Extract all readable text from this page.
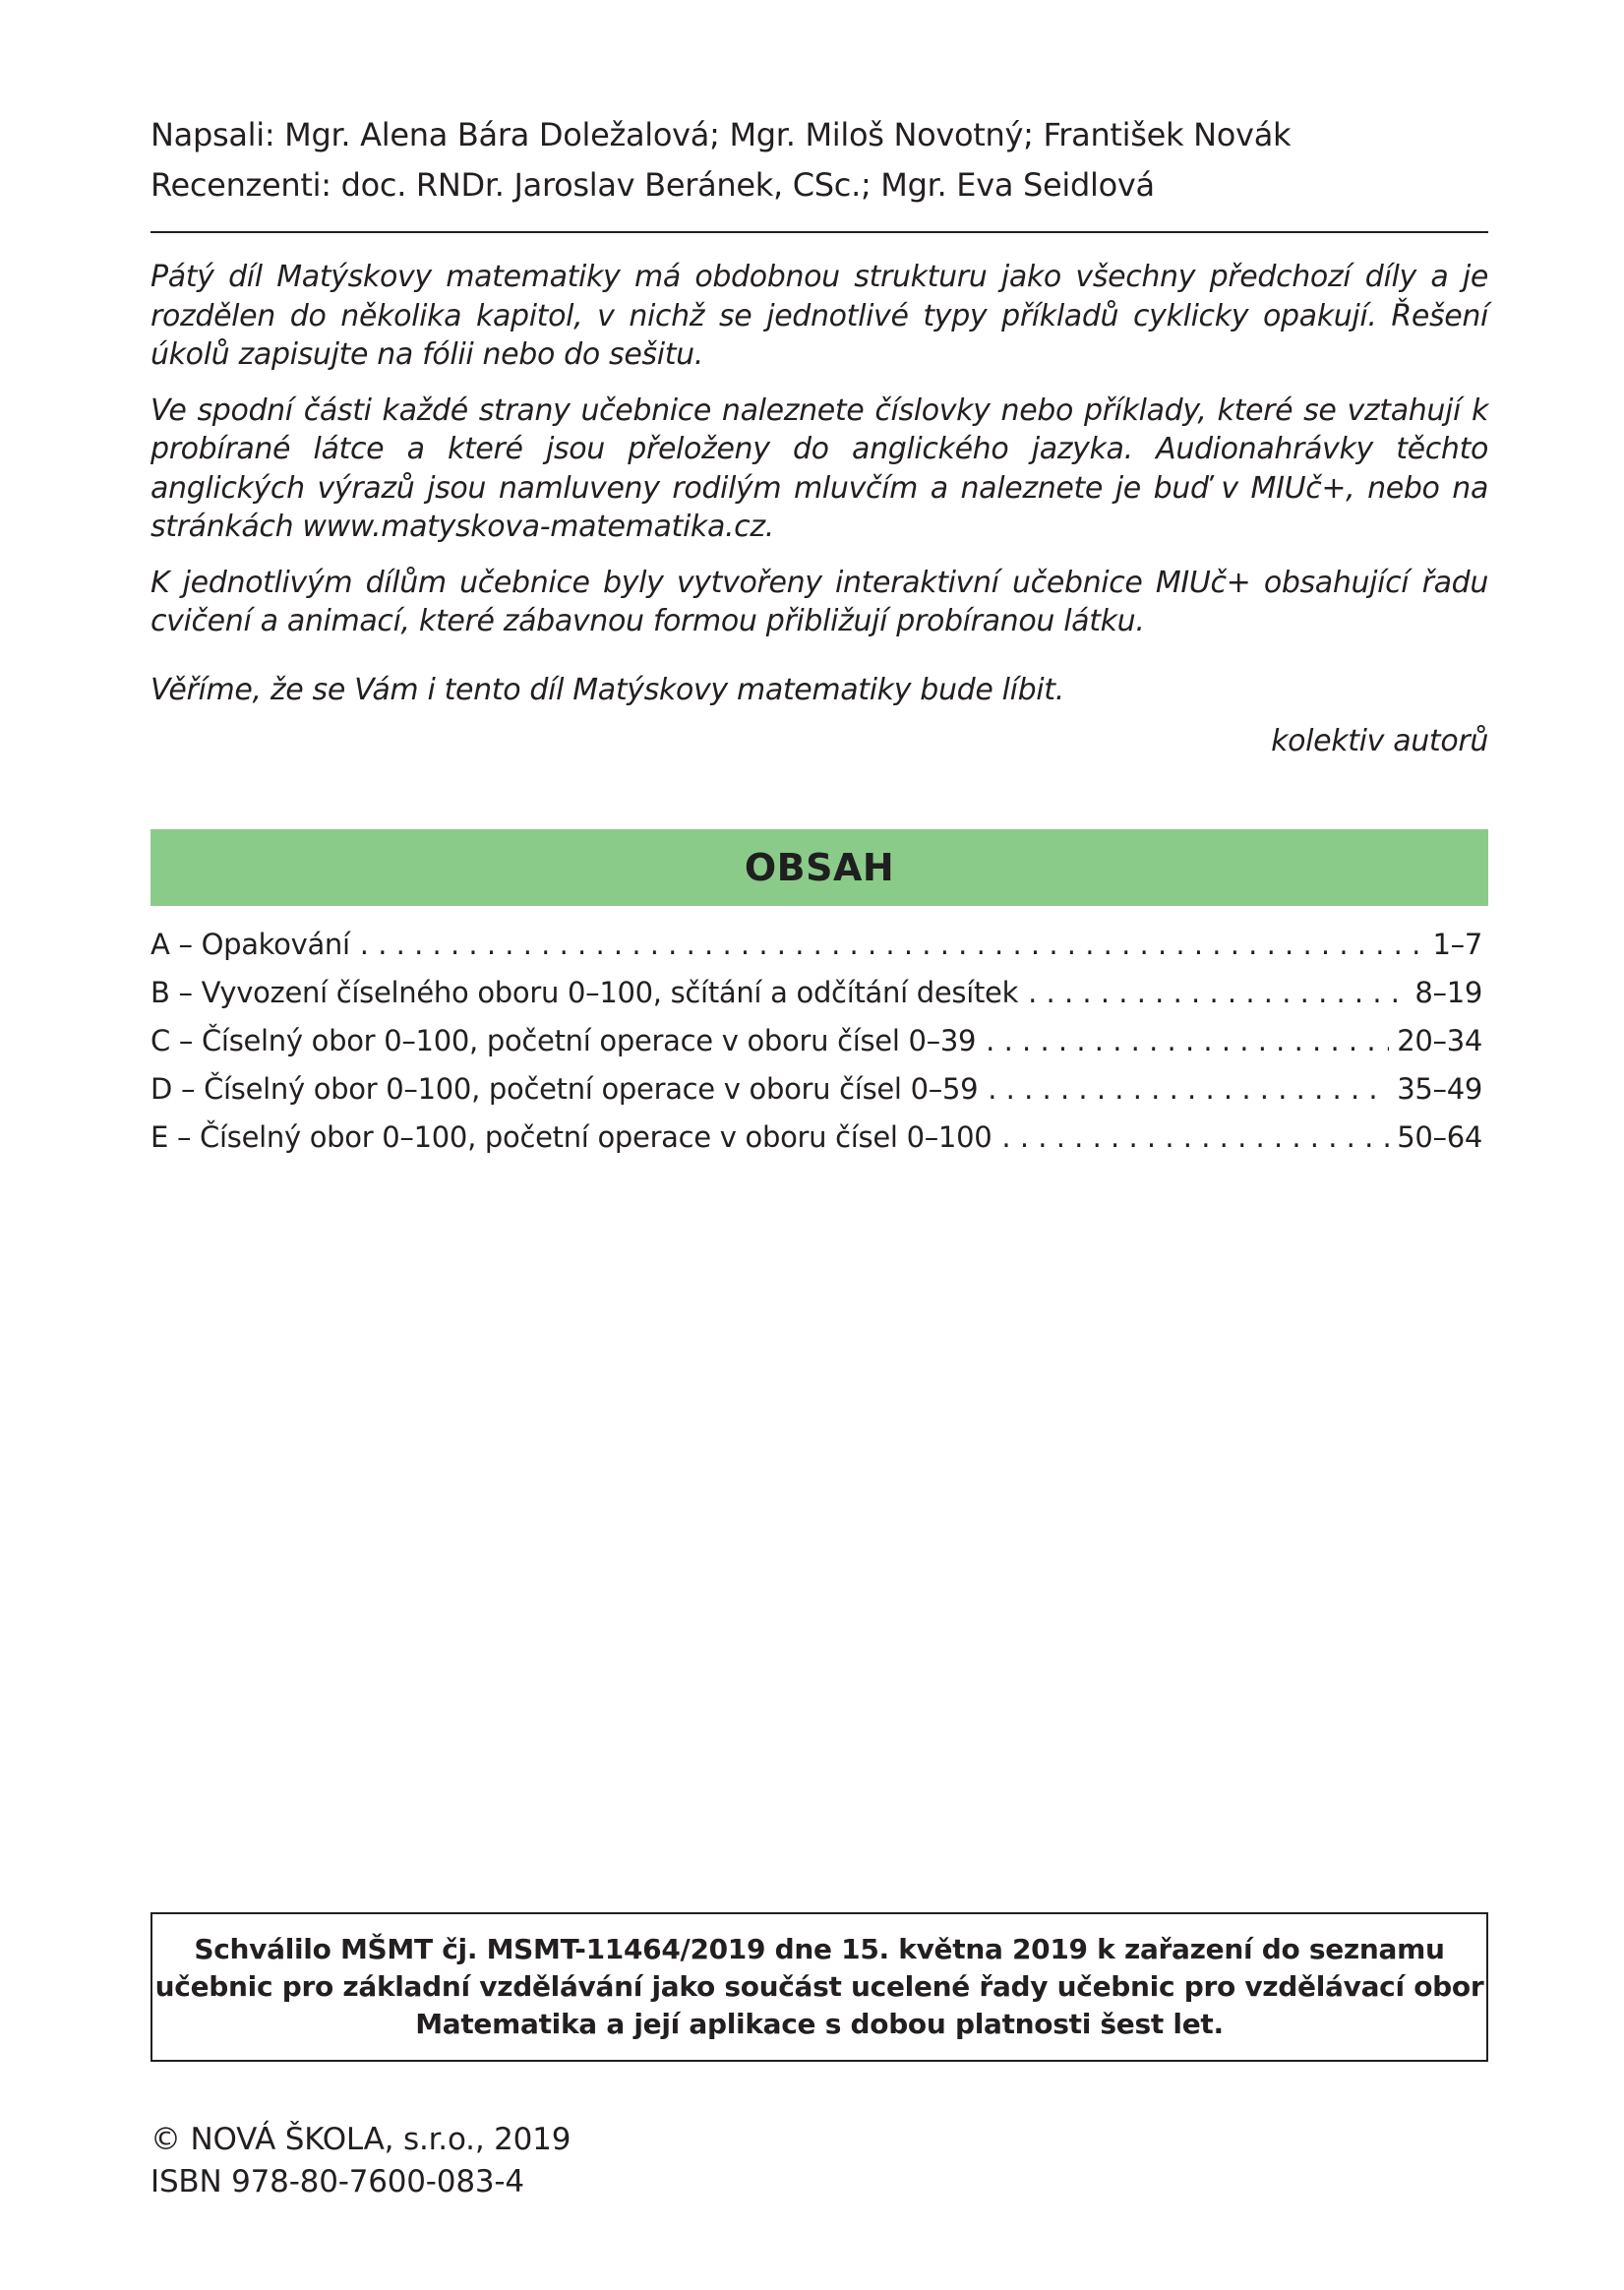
Napsali: Mgr. Alena Bára Doležalová; Mgr. Miloš Novotný; František Novák
Recenzenti: doc. RNDr. Jaroslav Beránek, CSc.; Mgr. Eva Seidlová

Pátý díl Matýskovy matematiky má obdobnou strukturu jako všechny předchozí díly a je rozdělen do několika kapitol, v nichž se jednotlivé typy příkladů cyklicky opakují. Řešení úkolů zapisujte na fólii nebo do sešitu.

Ve spodní části každé strany učebnice naleznete číslovky nebo příklady, které se vztahují k probírané látce a které jsou přeloženy do anglického jazyka. Audionahrávky těchto anglických výrazů jsou namluveny rodilým mluvčím a naleznete je buď v MIUč+, nebo na stránkách www.matyskova-matematika.cz.

K jednotlivým dílům učebnice byly vytvořeny interaktivní učebnice MIUč+ obsahující řadu cvičení a animací, které zábavnou formou přibližují probíranou látku.

Věříme, že se Vám i tento díl Matýskovy matematiky bude líbit.

kolektiv autorů
OBSAH
A – Opakování . . .	1–7
B – Vyvození číselného oboru 0–100, sčítání a odčítání desítek . . .	8–19
C – Číselný obor 0–100, početní operace v oboru čísel 0–39 . . .	20–34
D – Číselný obor 0–100, početní operace v oboru čísel 0–59 . . .	35–49
E – Číselný obor 0–100, početní operace v oboru čísel 0–100 . . .	50–64
Schválilo MŠMT čj. MSMT-11464/2019 dne 15. května 2019 k zařazení do seznamu
učebnic pro základní vzdělávání jako součást ucelené řady učebnic pro vzdělávací obor
Matematika a její aplikace s dobou platnosti šest let.
© NOVÁ ŠKOLA, s.r.o., 2019
ISBN 978-80-7600-083-4
